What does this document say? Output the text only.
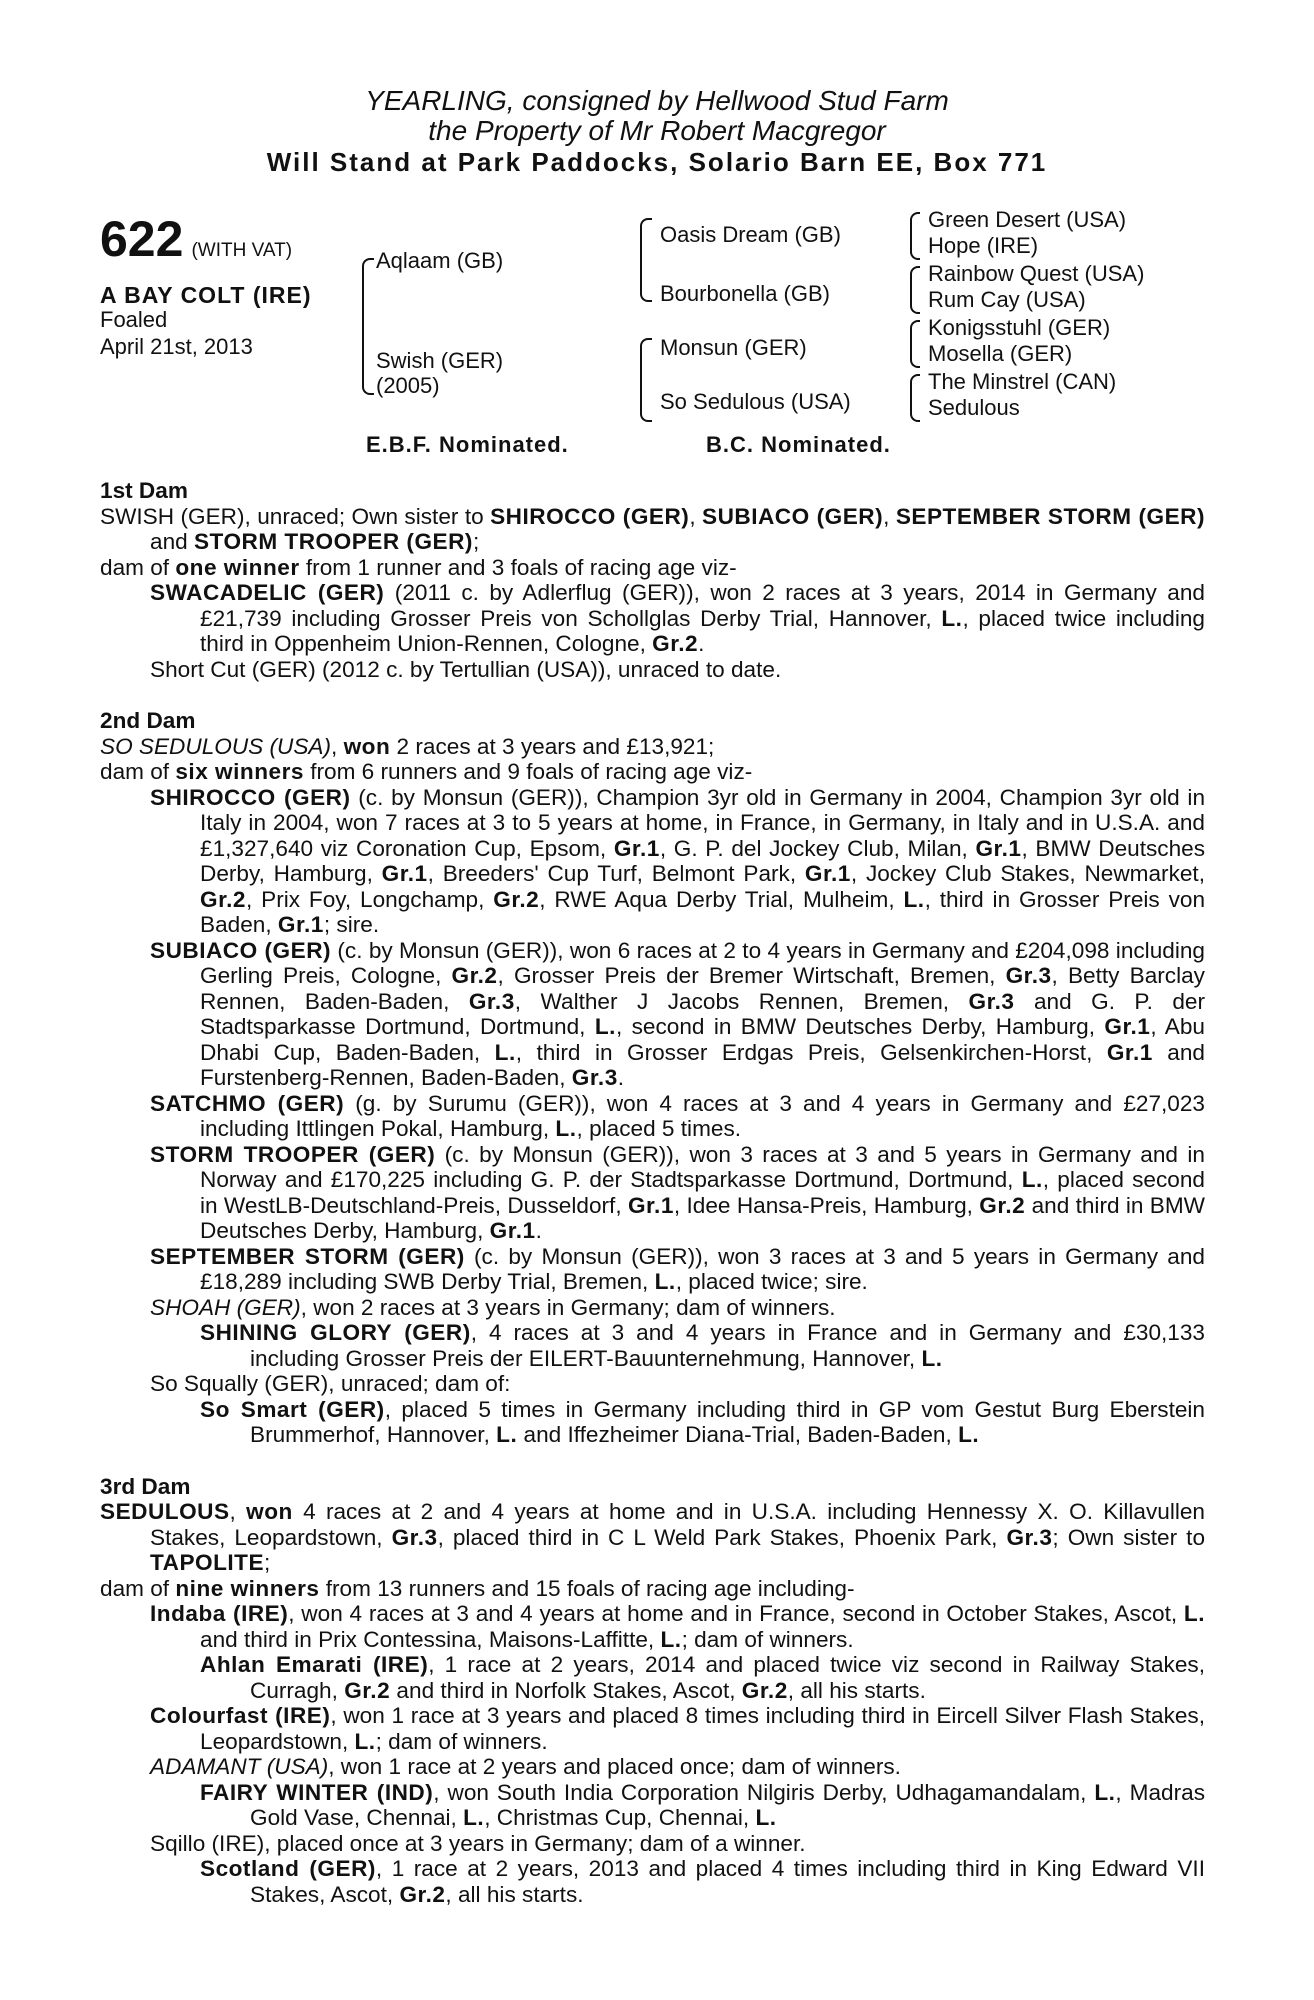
YEARLING, consigned by Hellwood Stud Farm
the Property of Mr Robert Macgregor
Will Stand at Park Paddocks, Solario Barn EE, Box 771
622 (WITH VAT)
A BAY COLT (IRE)
Foaled
April 21st, 2013
Aqlaam (GB)
Swish (GER)
(2005)
Oasis Dream (GB)
Bourbonella (GB)
Monsun (GER)
So Sedulous (USA)
Green Desert (USA)
Hope (IRE)
Rainbow Quest (USA)
Rum Cay (USA)
Konigsstuhl (GER)
Mosella (GER)
The Minstrel (CAN)
Sedulous
E.B.F. Nominated.	B.C. Nominated.

1st Dam

SWISH (GER), unraced; Own sister to SHIROCCO (GER), SUBIACO (GER), SEPTEMBER STORM (GER) and STORM TROOPER (GER);

dam of one winner from 1 runner and 3 foals of racing age viz-

SWACADELIC (GER) (2011 c. by Adlerflug (GER)), won 2 races at 3 years, 2014 in Germany and £21,739 including Grosser Preis von Schollglas Derby Trial, Hannover, L., placed twice including third in Oppenheim Union-Rennen, Cologne, Gr.2.

Short Cut (GER) (2012 c. by Tertullian (USA)), unraced to date.

2nd Dam

SO SEDULOUS (USA), won 2 races at 3 years and £13,921;

dam of six winners from 6 runners and 9 foals of racing age viz-

SHIROCCO (GER) (c. by Monsun (GER)), Champion 3yr old in Germany in 2004, Champion 3yr old in Italy in 2004, won 7 races at 3 to 5 years at home, in France, in Germany, in Italy and in U.S.A. and £1,327,640 viz Coronation Cup, Epsom, Gr.1, G. P. del Jockey Club, Milan, Gr.1, BMW Deutsches Derby, Hamburg, Gr.1, Breeders' Cup Turf, Belmont Park, Gr.1, Jockey Club Stakes, Newmarket, Gr.2, Prix Foy, Longchamp, Gr.2, RWE Aqua Derby Trial, Mulheim, L., third in Grosser Preis von Baden, Gr.1; sire.

SUBIACO (GER) (c. by Monsun (GER)), won 6 races at 2 to 4 years in Germany and £204,098 including Gerling Preis, Cologne, Gr.2, Grosser Preis der Bremer Wirtschaft, Bremen, Gr.3, Betty Barclay Rennen, Baden-Baden, Gr.3, Walther J Jacobs Rennen, Bremen, Gr.3 and G. P. der Stadtsparkasse Dortmund, Dortmund, L., second in BMW Deutsches Derby, Hamburg, Gr.1, Abu Dhabi Cup, Baden-Baden, L., third in Grosser Erdgas Preis, Gelsenkirchen-Horst, Gr.1 and Furstenberg-Rennen, Baden-Baden, Gr.3.

SATCHMO (GER) (g. by Surumu (GER)), won 4 races at 3 and 4 years in Germany and £27,023 including Ittlingen Pokal, Hamburg, L., placed 5 times.

STORM TROOPER (GER) (c. by Monsun (GER)), won 3 races at 3 and 5 years in Germany and in Norway and £170,225 including G. P. der Stadtsparkasse Dortmund, Dortmund, L., placed second in WestLB-Deutschland-Preis, Dusseldorf, Gr.1, Idee Hansa-Preis, Hamburg, Gr.2 and third in BMW Deutsches Derby, Hamburg, Gr.1.

SEPTEMBER STORM (GER) (c. by Monsun (GER)), won 3 races at 3 and 5 years in Germany and £18,289 including SWB Derby Trial, Bremen, L., placed twice; sire.

SHOAH (GER), won 2 races at 3 years in Germany; dam of winners.

SHINING GLORY (GER), 4 races at 3 and 4 years in France and in Germany and £30,133 including Grosser Preis der EILERT-Bauunternehmung, Hannover, L.

So Squally (GER), unraced; dam of:

So Smart (GER), placed 5 times in Germany including third in GP vom Gestut Burg Eberstein Brummerhof, Hannover, L. and Iffezheimer Diana-Trial, Baden-Baden, L.

3rd Dam

SEDULOUS, won 4 races at 2 and 4 years at home and in U.S.A. including Hennessy X. O. Killavullen Stakes, Leopardstown, Gr.3, placed third in C L Weld Park Stakes, Phoenix Park, Gr.3; Own sister to TAPOLITE;

dam of nine winners from 13 runners and 15 foals of racing age including-

Indaba (IRE), won 4 races at 3 and 4 years at home and in France, second in October Stakes, Ascot, L. and third in Prix Contessina, Maisons-Laffitte, L.; dam of winners.

Ahlan Emarati (IRE), 1 race at 2 years, 2014 and placed twice viz second in Railway Stakes, Curragh, Gr.2 and third in Norfolk Stakes, Ascot, Gr.2, all his starts.

Colourfast (IRE), won 1 race at 3 years and placed 8 times including third in Eircell Silver Flash Stakes, Leopardstown, L.; dam of winners.

ADAMANT (USA), won 1 race at 2 years and placed once; dam of winners.

FAIRY WINTER (IND), won South India Corporation Nilgiris Derby, Udhagamandalam, L., Madras Gold Vase, Chennai, L., Christmas Cup, Chennai, L.

Sqillo (IRE), placed once at 3 years in Germany; dam of a winner.

Scotland (GER), 1 race at 2 years, 2013 and placed 4 times including third in King Edward VII Stakes, Ascot, Gr.2, all his starts.
